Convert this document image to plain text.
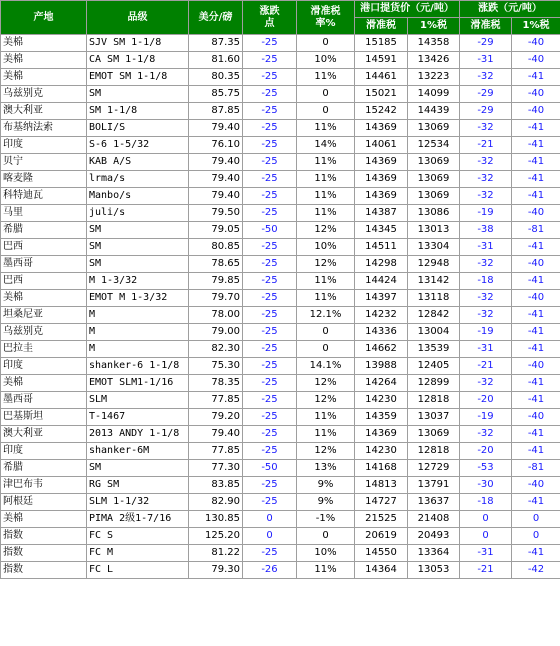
产地	品级	美分/磅	涨跌
点	滑准税
率%	港口提货价（元/吨）		涨跌（元/吨）	
					滑准税	1%税	滑准税	1%税
美棉	SJV SM 1-1/8	87.35	-25	0	15185	14358	-29	-40
美棉	CA SM 1-1/8	81.60	-25	10%	14591	13426	-31	-40
美棉	EMOT SM 1-1/8	80.35	-25	11%	14461	13223	-32	-41
乌兹别克	SM	85.75	-25	0	15021	14099	-29	-40
澳大利亚	SM 1-1/8	87.85	-25	0	15242	14439	-29	-40
布基纳法索	BOLI/S	79.40	-25	11%	14369	13069	-32	-41
印度	S-6 1-5/32	76.10	-25	14%	14061	12534	-21	-41
贝宁	KAB A/S	79.40	-25	11%	14369	13069	-32	-41
喀麦隆	lrma/s	79.40	-25	11%	14369	13069	-32	-41
科特迪瓦	Manbo/s	79.40	-25	11%	14369	13069	-32	-41
马里	juli/s	79.50	-25	11%	14387	13086	-19	-40
希腊	SM	79.05	-50	12%	14345	13013	-38	-81
巴西	SM	80.85	-25	10%	14511	13304	-31	-41
墨西哥	SM	78.65	-25	12%	14298	12948	-32	-40
巴西	M 1-3/32	79.85	-25	11%	14424	13142	-18	-41
美棉	EMOT M 1-3/32	79.70	-25	11%	14397	13118	-32	-40
坦桑尼亚	M	78.00	-25	12.1%	14232	12842	-32	-41
乌兹别克	M	79.00	-25	0	14336	13004	-19	-41
巴拉圭	M	82.30	-25	0	14662	13539	-31	-41
印度	shanker-6 1-1/8	75.30	-25	14.1%	13988	12405	-21	-40
美棉	EMOT SLM1-1/16	78.35	-25	12%	14264	12899	-32	-41
墨西哥	SLM	77.85	-25	12%	14230	12818	-20	-41
巴基斯坦	T-1467	79.20	-25	11%	14359	13037	-19	-40
澳大利亚	2013 ANDY 1-1/8	79.40	-25	11%	14369	13069	-32	-41
印度	shanker-6M	77.85	-25	12%	14230	12818	-20	-41
希腊	SM	77.30	-50	13%	14168	12729	-53	-81
津巴布韦	RG SM	83.85	-25	9%	14813	13791	-30	-40
阿根廷	SLM 1-1/32	82.90	-25	9%	14727	13637	-18	-41
美棉	PIMA 2级1-7/16	130.85	0	-1%	21525	21408	0	0
指数	FC S	125.20	0	0	20619	20493	0	0
指数	FC M	81.22	-25	10%	14550	13364	-31	-41
指数	FC L	79.30	-26	11%	14364	13053	-21	-42
